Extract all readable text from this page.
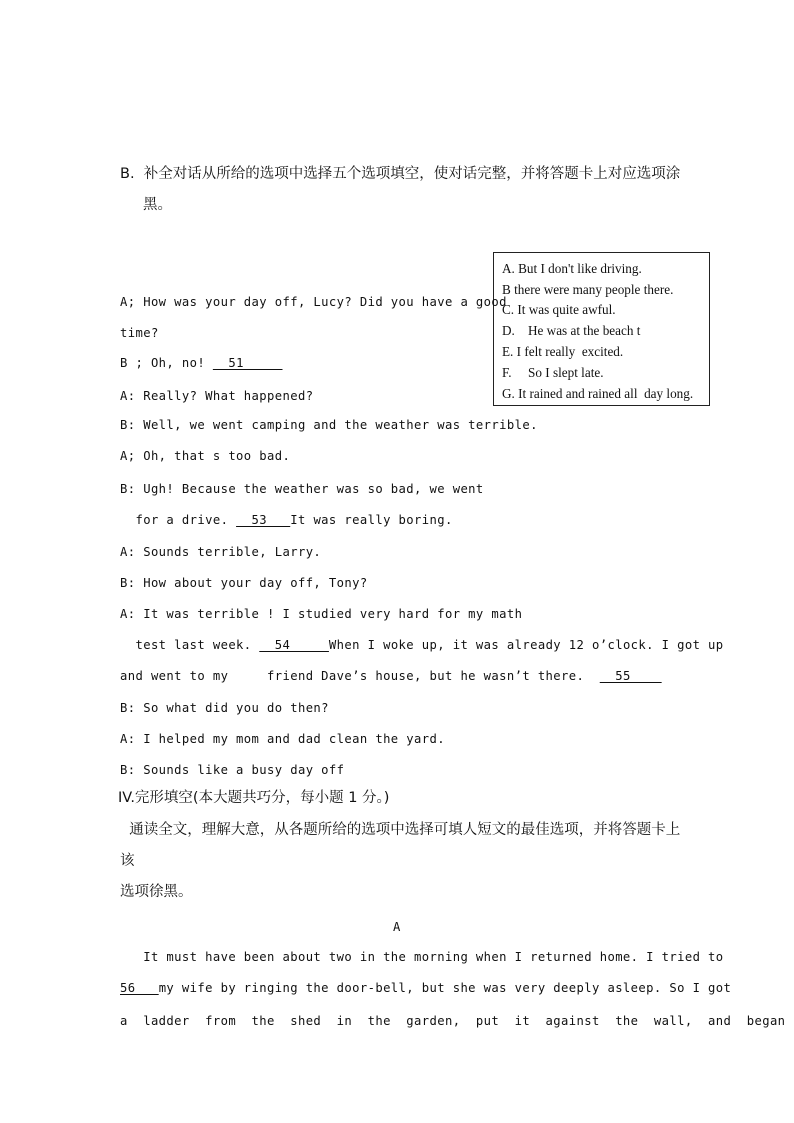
B.  补全对话从所给的选项中选择五个选项填空，使对话完整，并将答题卡上对应选项涂
黑。
A. But I don't like driving.
B there were many people there.
C. It was quite awful.
D.    He was at the beach t
E. I felt really  excited.
F.     So I slept late.
G. It rained and rained all  day long.
A; How was your day off, Lucy? Did you have a good
time?
B ; Oh, no!   51
A: Really? What happened?
B: Well, we went camping and the weather was terrible.
A; Oh, that s too bad.
B: Ugh! Because the weather was so bad, we went
for a drive.   53   It was really boring.
A: Sounds terrible, Larry.
B: How about your day off, Tony?
A: It was terrible ! I studied very hard for my math
test last week.   54     When I woke up, it was already 12 o’clock. I got up
and went to my     friend Dave’s house, but he wasn’t there.    55
B: So what did you do then?
A: I helped my mom and dad clean the yard.
B: Sounds like a busy day off
IV.完形填空(本大题共巧分，每小题 1 分。)
通读全文，理解大意，从各题所给的选项中选择可填人短文的最佳选项，并将答题卡上
该
选项徐黑。
A
It must have been about two in the morning when I returned home. I tried to
56   my wife by ringing the door-bell, but she was very deeply asleep. So I got
a  ladder  from  the  shed  in  the  garden,  put  it  against  the  wall,  and  began
